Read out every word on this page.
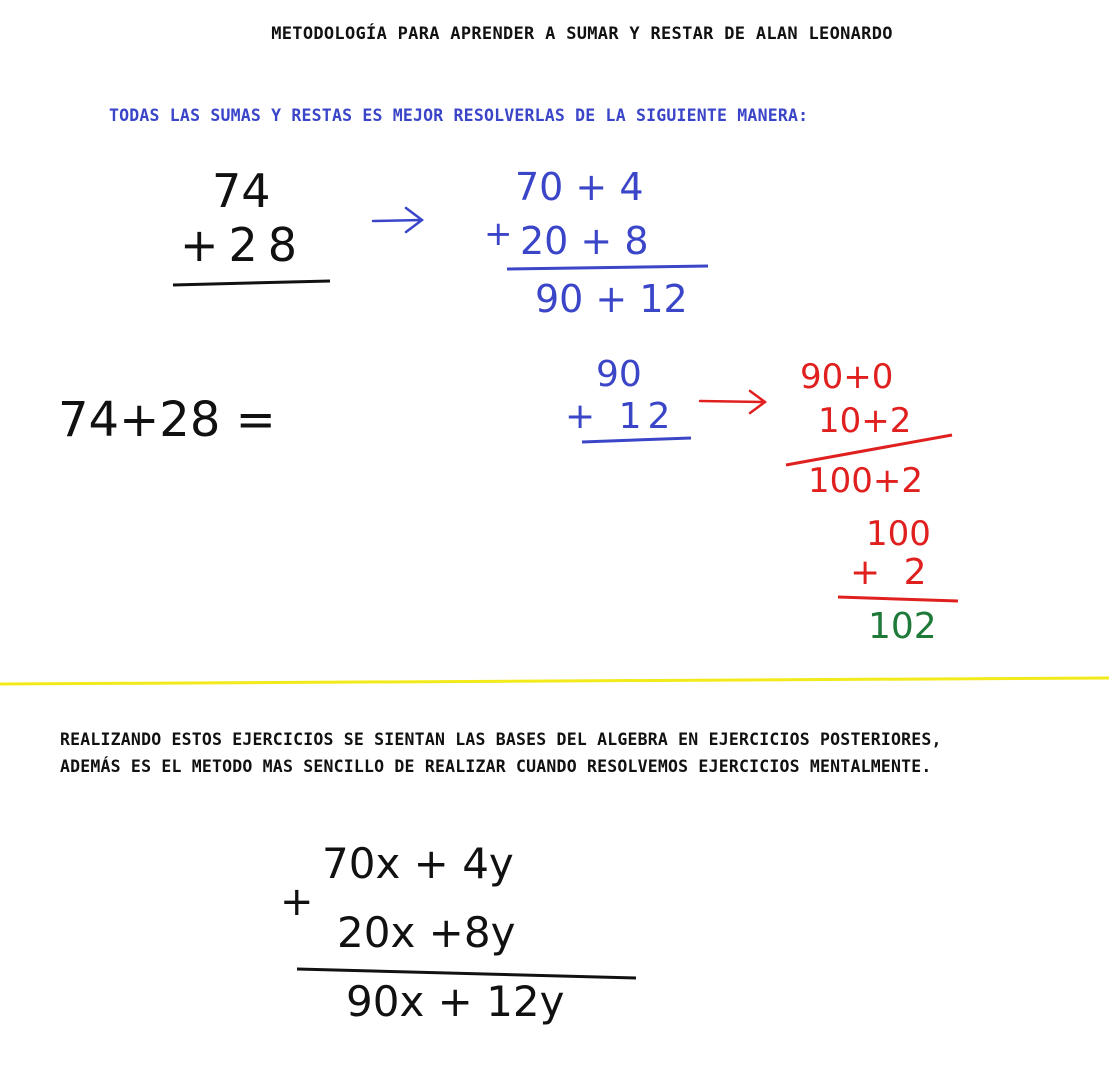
METODOLOGÍA PARA APRENDER A SUMAR Y RESTAR DE ALAN LEONARDO

TODAS LAS SUMAS Y RESTAS ES MEJOR RESOLVERLAS DE LA SIGUIENTE MANERA:

74
+28
70 + 4
+ 20 + 8
90 + 12
74+28 =
90
+ 12
90+0
10+2
100+2
100
+ 2
102
70x + 4y
+
20x +8y
90x + 12y

REALIZANDO ESTOS EJERCICIOS SE SIENTAN LAS BASES DEL ALGEBRA EN EJERCICIOS POSTERIORES, ADEMÁS ES EL METODO MAS SENCILLO DE REALIZAR CUANDO RESOLVEMOS EJERCICIOS MENTALMENTE.
